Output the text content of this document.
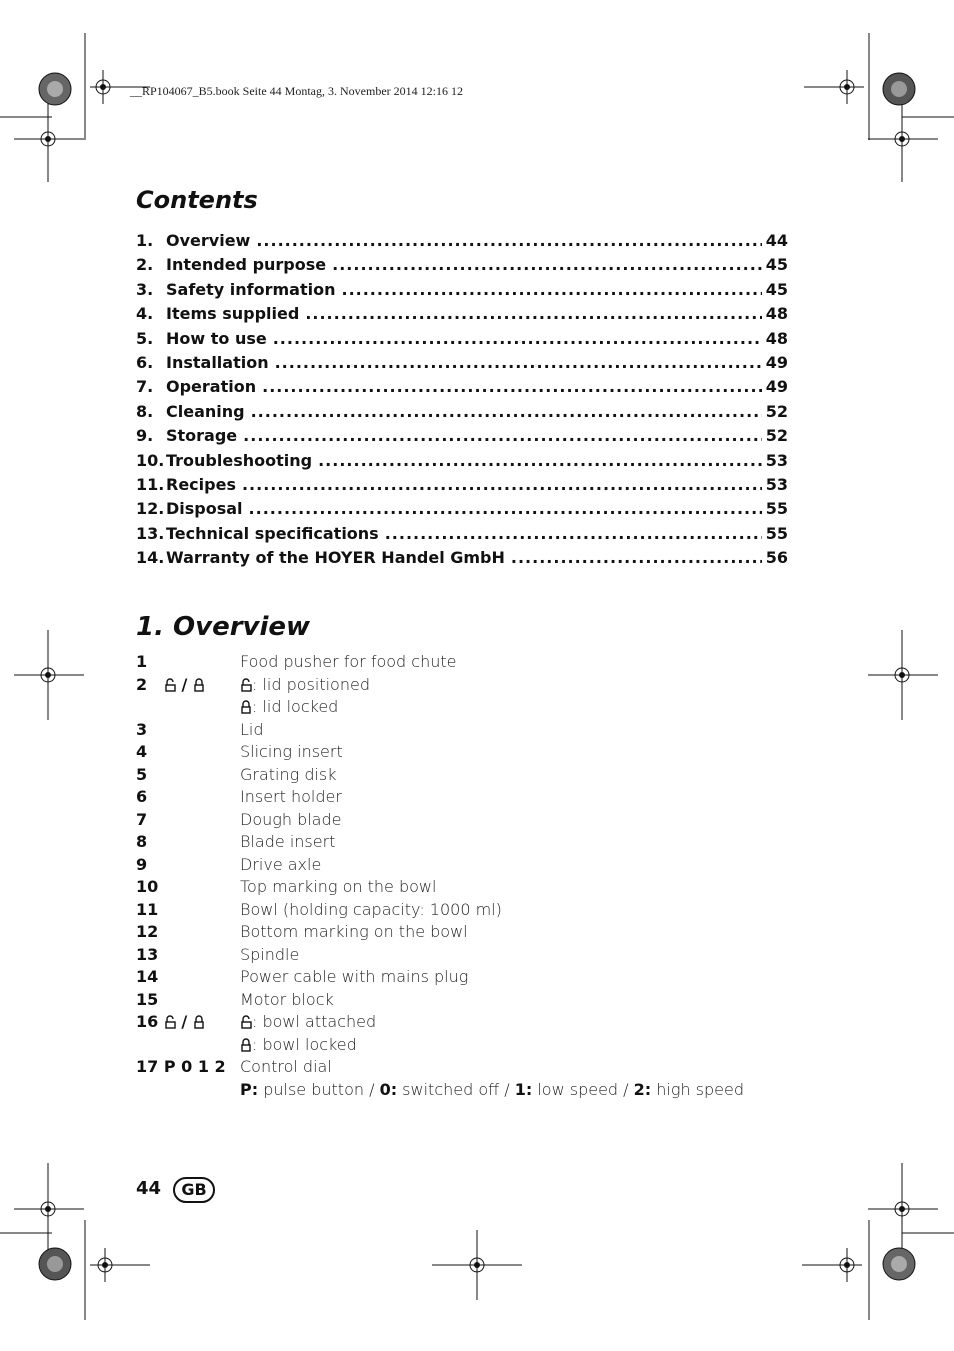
__RP104067_B5.book Seite 44 Montag, 3. November 2014 12:16 12
Contents
1. Overview .....	44
2. Intended purpose .....	45
3. Safety information .....	45
4. Items supplied .....	48
5. How to use .....	48
6. Installation .....	49
7. Operation .....	49
8. Cleaning .....	52
9. Storage .....	52
10. Troubleshooting .....	53
11. Recipes .....	53
12. Disposal .....	55
13. Technical specifications .....	55
14. Warranty of the HOYER Handel GmbH .....	56
1. Overview
1	Food pusher for food chute
2 /	: lid positioned
: lid locked
3	Lid
4	Slicing insert
5	Grating disk
6	Insert holder
7	Dough blade
8	Blade insert
9	Drive axle
10	Top marking on the bowl
11	Bowl (holding capacity: 1000 ml)
12	Bottom marking on the bowl
13	Spindle
14	Power cable with mains plug
15	Motor block
16 /	: bowl attached
: bowl locked
17 P 0 1 2 Control dial
P: pulse button / 0: switched off / 1: low speed / 2: high speed
44	GB
